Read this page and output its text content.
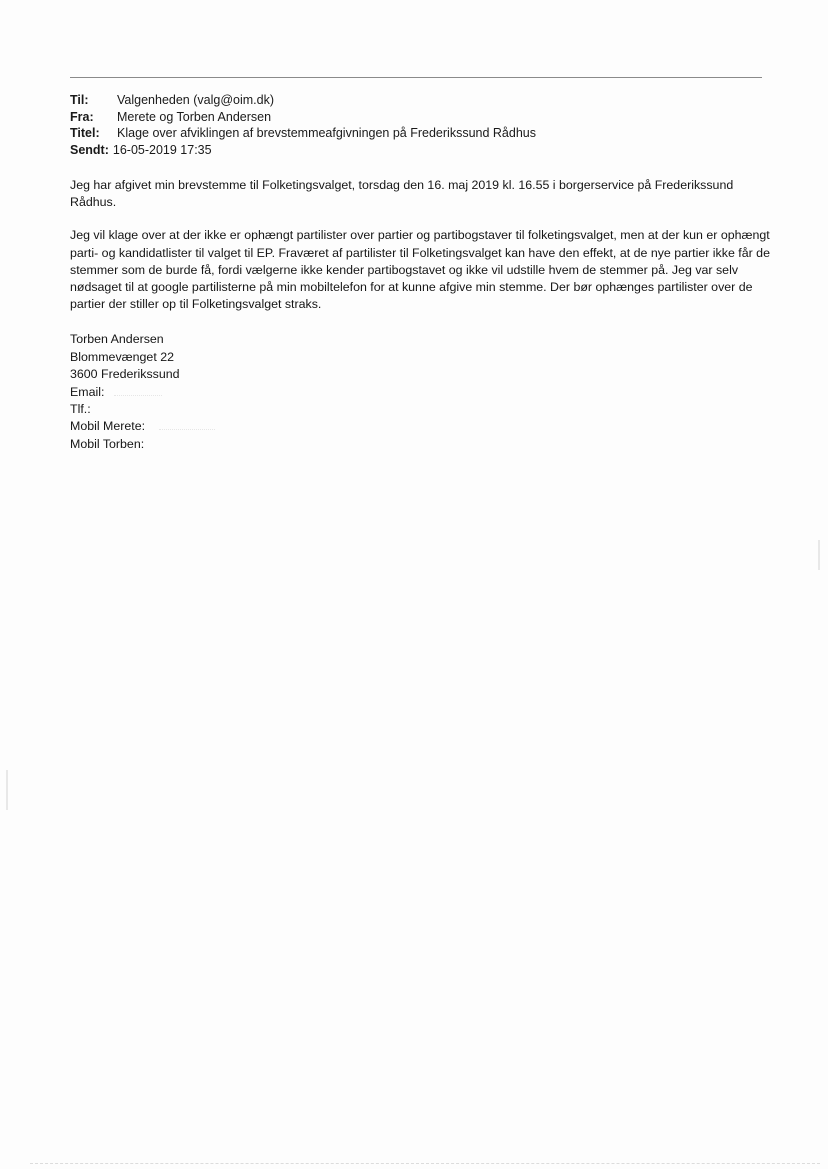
Til:	Valgenheden (valg@oim.dk)
Fra:	Merete og Torben Andersen
Titel:	Klage over afviklingen af brevstemmeafgivningen på Frederikssund Rådhus
Sendt: 16-05-2019 17:35

Jeg har afgivet min brevstemme til Folketingsvalget, torsdag den 16. maj 2019 kl. 16.55 i borgerservice på Frederikssund Rådhus.

Jeg vil klage over at der ikke er ophængt partilister over partier og partibogstaver til folketingsvalget, men at der kun er ophængt parti- og kandidatlister til valget til EP. Fraværet af partilister til Folketingsvalget kan have den effekt, at de nye partier ikke får de stemmer som de burde få, fordi vælgerne ikke kender partibogstavet og ikke vil udstille hvem de stemmer på. Jeg var selv nødsaget til at google partilisterne på min mobiltelefon for at kunne afgive min stemme. Der bør ophænges partilister over de partier der stiller op til Folketingsvalget straks.

Torben Andersen
Blommevænget 22
3600 Frederikssund
Email:
Tlf.:
Mobil Merete:
Mobil Torben:
